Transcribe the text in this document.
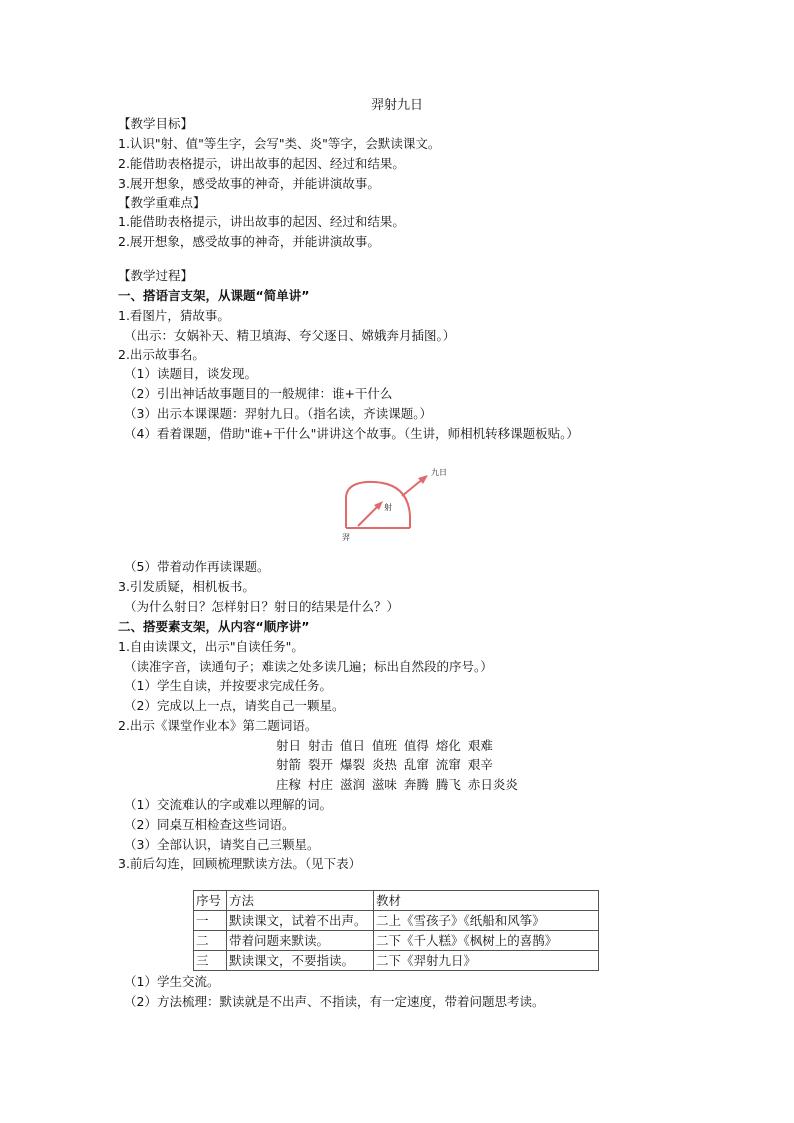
羿射九日
【教学目标】
1.认识"射、值"等生字，会写"类、炎"等字，会默读课文。
2.能借助表格提示，讲出故事的起因、经过和结果。
3.展开想象，感受故事的神奇，并能讲演故事。
【教学重难点】
1.能借助表格提示，讲出故事的起因、经过和结果。
2.展开想象，感受故事的神奇，并能讲演故事。
【教学过程】
一、搭语言支架，从课题“简单讲”
1.看图片，猜故事。
（出示：女娲补天、精卫填海、夸父逐日、嫦娥奔月插图。）
2.出示故事名。
（1）读题目，谈发现。
（2）引出神话故事题目的一般规律：谁+干什么
（3）出示本课课题：羿射九日。（指名读，齐读课题。）
（4）看着课题，借助"谁+干什么"讲讲这个故事。（生讲，师相机转移课题板贴。）
羿
射
九日
（5）带着动作再读课题。
3.引发质疑，相机板书。
（为什么射日？怎样射日？射日的结果是什么？）
二、搭要素支架，从内容“顺序讲”
1.自由读课文，出示"自读任务"。
（读准字音，读通句子；难读之处多读几遍；标出自然段的序号。）
（1）学生自读，并按要求完成任务。
（2）完成以上一点，请奖自己一颗星。
2.出示《课堂作业本》第二题词语。
射日 射击 值日 值班 值得 熔化 艰难
射箭 裂开 爆裂 炎热 乱窜 流窜 艰辛
庄稼 村庄 滋润 滋味 奔腾 腾飞 赤日炎炎
（1）交流难认的字或难以理解的词。
（2）同桌互相检查这些词语。
（3）全部认识，请奖自己三颗星。
3.前后勾连，回顾梳理默读方法。（见下表）
序号	方法	教材
一	默读课文，试着不出声。	二上《雪孩子》《纸船和风筝》
二	带着问题来默读。	二下《千人糕》《枫树上的喜鹊》
三	默读课文，不要指读。	二下《羿射九日》
（1）学生交流。
（2）方法梳理：默读就是不出声、不指读，有一定速度，带着问题思考读。
